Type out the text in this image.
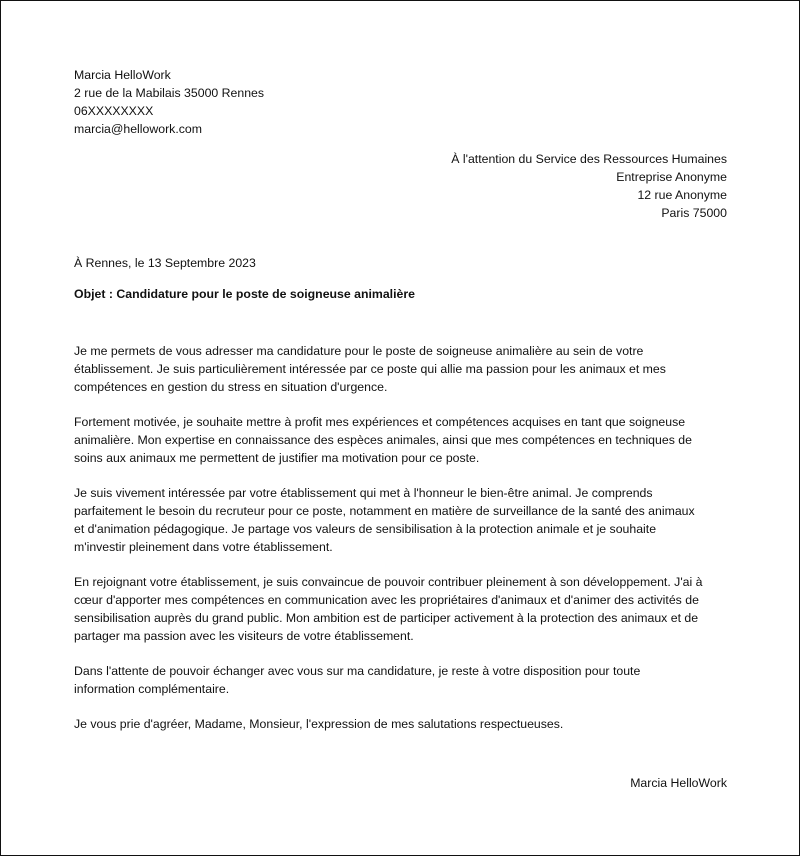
Marcia HelloWork
2 rue de la Mabilais 35000 Rennes
06XXXXXXXX
marcia@hellowork.com
À l'attention du Service des Ressources Humaines
Entreprise Anonyme
12 rue Anonyme
Paris 75000
À Rennes, le 13 Septembre 2023
Objet : Candidature pour le poste de soigneuse animalière

Je me permets de vous adresser ma candidature pour le poste de soigneuse animalière au sein de votre
établissement. Je suis particulièrement intéressée par ce poste qui allie ma passion pour les animaux et mes
compétences en gestion du stress en situation d'urgence.

Fortement motivée, je souhaite mettre à profit mes expériences et compétences acquises en tant que soigneuse
animalière. Mon expertise en connaissance des espèces animales, ainsi que mes compétences en techniques de
soins aux animaux me permettent de justifier ma motivation pour ce poste.

Je suis vivement intéressée par votre établissement qui met à l'honneur le bien-être animal. Je comprends
parfaitement le besoin du recruteur pour ce poste, notamment en matière de surveillance de la santé des animaux
et d'animation pédagogique. Je partage vos valeurs de sensibilisation à la protection animale et je souhaite
m'investir pleinement dans votre établissement.

En rejoignant votre établissement, je suis convaincue de pouvoir contribuer pleinement à son développement. J'ai à
cœur d'apporter mes compétences en communication avec les propriétaires d'animaux et d'animer des activités de
sensibilisation auprès du grand public. Mon ambition est de participer activement à la protection des animaux et de
partager ma passion avec les visiteurs de votre établissement.

Dans l'attente de pouvoir échanger avec vous sur ma candidature, je reste à votre disposition pour toute
information complémentaire.

Je vous prie d'agréer, Madame, Monsieur, l'expression de mes salutations respectueuses.

Marcia HelloWork
